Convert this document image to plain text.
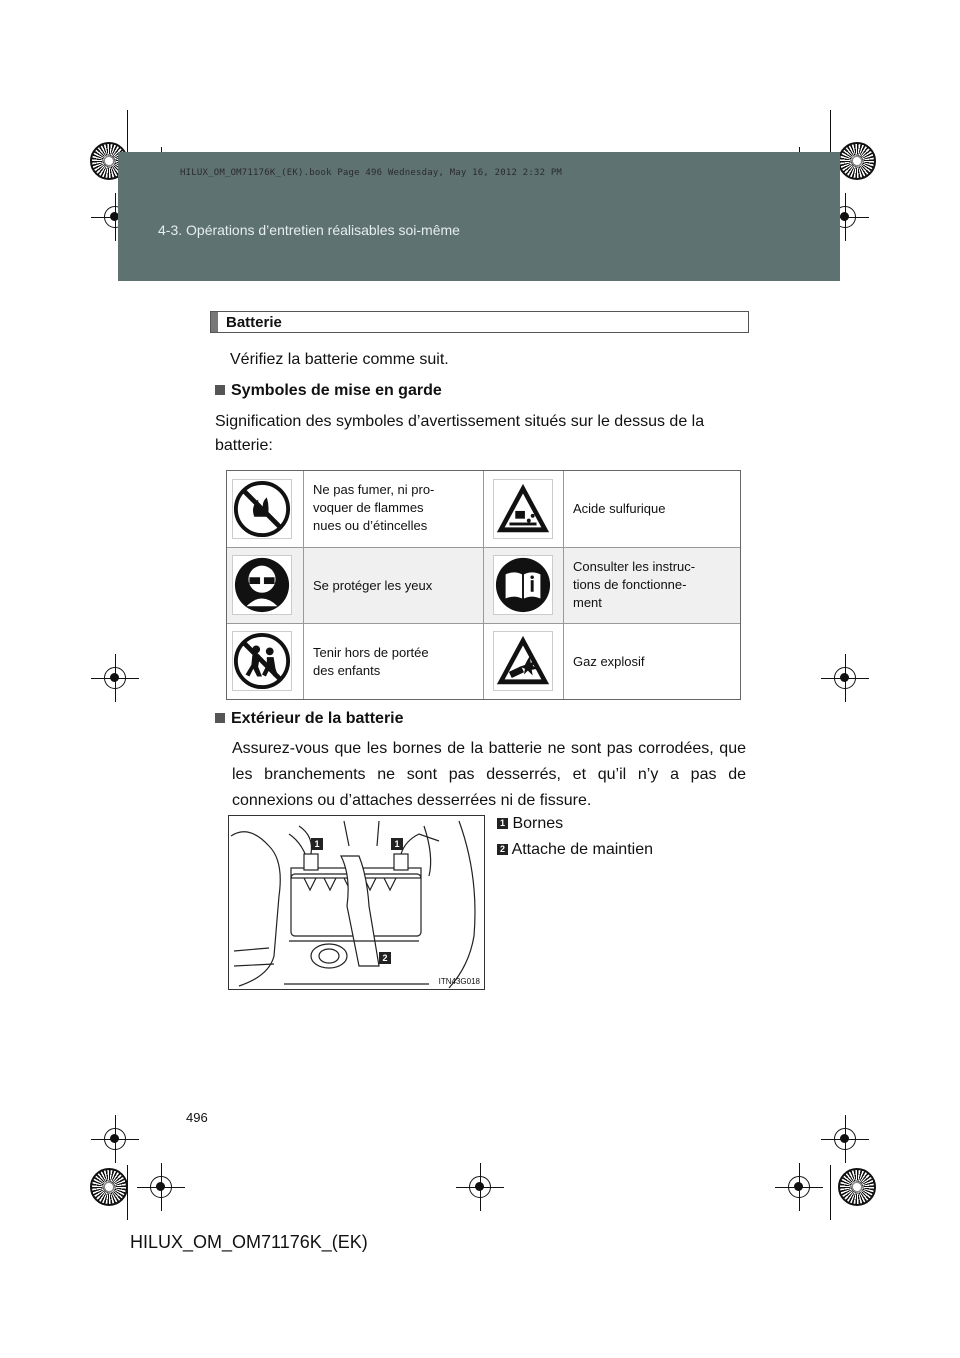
HILUX_OM_OM71176K_(EK).book Page 496 Wednesday, May 16, 2012 2:32 PM
4-3. Opérations d’entretien réalisables soi-même
Batterie
Vérifiez la batterie comme suit.
Symboles de mise en garde
Signification des symboles d’avertissement situés sur le dessus de la batterie:
Ne pas fumer, ni pro-
voquer de flammes
nues ou d’étincelles
Acide sulfurique
Se protéger les yeux
Consulter les instruc-
tions de fonctionne-
ment
Tenir hors de portée
des enfants
Gaz explosif
Extérieur de la batterie
Assurez-vous que les bornes de la batterie ne sont pas corrodées, que les branchements ne sont pas desserrés, et qu’il n’y a pas de connexions ou d’attaches desserrées ni de fissure.
1	1
2
ITN43G018
1 Bornes
2 Attache de maintien
496
HILUX_OM_OM71176K_(EK)
